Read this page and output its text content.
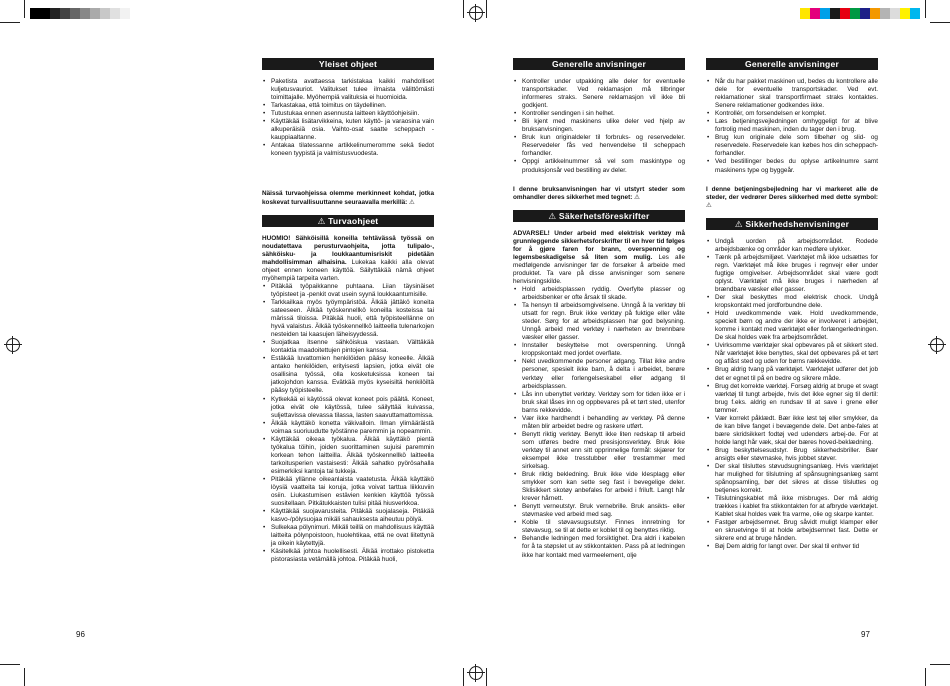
Yleiset ohjeet
• Paketista avattaessa tarkistakaa kaikki mahdolliset kuljetusvauriot. Valitukset tulee ilmaista välittömästi toimittajalle. Myöhempiä valituksia ei huomioida.
• Tarkastakaa, että toimitus on täydellinen.
• Tutustukaa ennen asennusta laitteen käyttöohjeisiin.
• Käyttäkää lisätarvikkeina, kuten käyttö- ja varaosina vain alkuperäisiä osia. Vaihto-osat saatte scheppach -kauppiaaltanne.
• Antakaa tilatessanne artikkelinumeromme sekä tiedot koneen tyypistä ja valmistusvuodesta.
Näissä turvaohjeissa olemme merkinneet kohdat, jotka koskevat turvallisuuttanne seuraavalla merkillä: ⚠
⚠ Turvaohjeet

HUOMIO! Sähköisillä koneilla tehtävässä työssä on noudatettava perusturvaohjeita, jotta tulipalo-, sähköisku- ja loukkaantumisriskit pidetään mahdollisimman alhaisina. Lukekaa kaikki alla olevat ohjeet ennen koneen käyttöä. Säilyttäkää nämä ohjeet myöhempiä tarpeita varten.

• Pitäkää työpaikkanne puhtaana. Liian täysinäiset työpisteet ja -penkit ovat usein syynä loukkaantumisille.
• Tarkkailkaa myös työympäristöä. Älkää jättäkö koneita sateeseen. Älkää työskennellkö koneilla kosteissa tai märissä tiloissa. Pitäkää huoli, että työpisteellänne on hyvä valaistus. Älkää työskennellkö laitteella tulenarkojen nesteiden tai kaasujen läheisyydessä.
• Suojatkaa itsenne sähköiskua vastaan. Välttäkää kontaktia maadoitettujen pintojen kanssa.
• Estäkää luvattomien henkilöiden pääsy koneelle. Älkää antako henkilöiden, erityisesti lapsien, jotka eivät ole osallisina työssä, olla kosketuksissa koneen tai jatkojohdon kanssa. Evätkää myös kyseisiltä henkilöiltä pääsy työpisteelle.
• Kytkekää ei käytössä olevat koneet pois päältä. Koneet, jotka eivät ole käytössä, tulee säilyttää kuivassa, suljettavissa olevassa tilassa, lasten saavuttamattomissa.
• Älkää käyttäkö konetta väkivalloin. Ilman ylimääräistä voimaa suoriuudutte työstänne paremmin ja nopeammin.
• Käyttäkää oikeaa työkalua. Älkää käyttäkö pientä työkalua töihin, joiden suorittaminen sujuisi paremmin korkean tehon laitteilla. Älkää työskennellkö laitteella tarkoitusperien vastaisesti: Älkää sahatko pyörösahalla esimerkiksi kantoja tai tukkeja.
• Pitäkää yllänne oikeanlaista vaatetusta. Älkää käyttäkö löysiä vaatteita tai koruja, jotka voivat tarttua liikkuviin osiin. Liukastumisen estävien kenkien käyttöä työssä suositellaan. Pitkätukkaisten tulisi pitää hiusverkkoa.
• Käyttäkää suojavarusteita. Pitäkää suojalaseja. Pitäkää kasvo-/pölysuojaa mikäli sahauksesta aiheutuu pölyä.
• Sulkekaa pölynimuri. Mikäli teillä on mahdollisuus käyttää laitteita pölynpoistoon, huolehtikaa, että ne ovat liitettynä ja oikein käytettyjä.
• Käsitelkää johtoa huolellisesti. Älkää irrottako pistoketta pistorasiasta vetämällä johtoa. Pitäkää huoli,
Generelle anvisninger
• Kontroller under utpakking alle deler for eventuelle transportskader. Ved reklamasjon må tilbringer informeres straks. Senere reklamasjon vil ikke bli godkjent.
• Kontroller sendingen i sin helhet.
• Bli kjent med maskinens ulike deler ved hjelp av bruksanvisningen.
• Bruk kun originaldeler til forbruks- og reservedeler. Reservedeler fås ved henvendelse til scheppach forhandler.
• Oppgi artikkelnummer så vel som maskintype og produksjonsår ved bestilling av deler.
I denne bruksanvisningen har vi utstyrt steder som omhandler deres sikkerhet med tegnet: ⚠
⚠ Säkerhetsföreskrifter

ADVARSEL! Under arbeid med elektrisk verktøy må grunnleggende sikkerhetsforskrifter til en hver tid følges for å gjøre faren for brann, overspenning og legemsbeskadigelse så liten som mulig. Les alle medfølgende anvisninger før de forsøker å arbeide med produktet. Ta vare på disse anvisninger som senere henvisningskilde.

• Hold arbeidsplassen ryddig. Overfylte plasser og arbeidsbenker er ofte årsak til skade.
• Ta hensyn til arbeidsomgivelsene. Unngå å la verktøy bli utsatt for regn. Bruk ikke verktøy på fuktige eller våte steder. Sørg for at arbeidsplassen har god belysning. Unngå arbeid med verktøy i nærheten av brennbare væsker eller gasser.
• Innstaller beskyttelse mot overspenning. Unngå kroppskontakt med jordet overflate.
• Nekt uvedkommende personer adgang. Tillat ikke andre personer, spesielt ikke barn, å delta i arbeidet, berøre verktøy eller forlengelseskabel eller adgang til arbeidsplassen.
• Lås inn ubenyttet verktøy. Verktøy som for tiden ikke er i bruk skal låses inn og oppbevares på et tørt sted, utenfor barns rekkevidde.
• Vær ikke hardhendt i behandling av verktøy. På denne måten blir arbeidet bedre og raskere utført.
• Benytt riktig verktøy. Benytt ikke liten redskap til arbeid som utføres bedre med presisjonsverktøy. Bruk ikke verktøy til annet enn sitt opprinnelige formål: skjærer for eksempel ikke tresstubber eller trestammer med sirkelsag.
• Bruk riktig bekledning. Bruk ikke vide klesplagg eller smykker som kan sette seg fast i bevegelige deler. Sklisikkert skotøy anbefales for arbeid i friluft. Langt hår krever hårnett.
• Benytt vernеutstyr. Bruk vernebrille. Bruk ansikts- eller støvmaske ved arbeid med sag.
• Koble til støvavsugsutstyr. Finnes innretning for støvavsug, se til at dette er koblet til og benyttes riktig.
• Behandle ledningen med forsiktighet. Dra aldri i kabelen for å ta støpslet ut av stikkontakten. Pass på at ledningen ikke har kontakt med varmeelement, olje
Generelle anvisninger
• Når du har pakket maskinen ud, bedes du kontrollere alle dele for eventuelle transportskader. Ved evt. reklamationer skal transportfirmaet straks kontaktes. Senere reklamationer godkendes ikke.
• Kontrollér, om forsendelsen er komplet.
• Læs betjeningsvejledningen omhyggeligt for at blive fortrolig med maskinen, inden du tager den i brug.
• Brug kun originale dele som tilbehør og slid- og reservedele. Reservedele kan købes hos din scheppach-forhandler.
• Ved bestillinger bedes du oplyse artikelnumre samt maskinens type og byggeår.
I denne betjeningsbejledning har vi markeret alle de steder, der vedrører Deres sikkerhed med dette symbol: ⚠
⚠ Sikkerhedshenvisninger
• Undgå uorden på arbejdsområdet. Rodede arbejdsbænke og områder kan medføre ulykker.
• Tænk på arbejdsmiljøet. Værktøjet må ikke udsættes for regn. Værktøjet må ikke bruges i regnvejr eller under fugtige omgivelser. Arbejdsområdet skal være godt oplyst. Værktøjet må ikke bruges i nærheden af brændbare væsker eller gasser.
• Der skal beskyttes mod elektrisk chock. Undgå kropskontakt med jordforbundne dele.
• Hold uvedkommende væk. Hold uvedkommende, specielt børn og andre der ikke er involveret i arbejdet, komme i kontakt med værktøjet eller forlængerledningen. De skal holdes væk fra arbejdsområdet.
• Uvirksomme værktøjer skal opbevares på et sikkert sted. Når værktøjet ikke benyttes, skal det opbevares på et tørt og aflåst sted og uden for børns rækkevidde.
• Brug aldrig tvang på værktøjet. Værktøjet udfører det job det er egnet til på en bedre og sikrere måde.
• Brug det korrekte værktøj. Forsøg aldrig at bruge et svagt værktøj til tungt arbejde, hvis det ikke egner sig til dertil: brug f.eks. aldrig en rundsav til at save i grene eller tømmer.
• Vær korrekt påklædt. Bær ikke løst tøj eller smykker, da de kan blive fanget i bevægende dele. Det anbe-fales at bære skridsikkert fodtøj ved udendørs arbej-de. For at holde langt hår væk, skal der bæres hoved-beklædning.
• Brug beskyttelsesudstyr. Brug sikkerhedsbriller. Bær ansigts eller støvmaske, hvis jobbet støver.
• Der skal tilsluttes støvudsugningsanlæg. Hvis værktøjet har mulighed for tilslutning af spånsugningsanlæg samt spånopsamling, bør det sikres at disse tilsluttes og betjenes korrekt.
• Tilslutningskablet må ikke misbruges. Der må aldrig trækkes i kablet fra stikkontakten for at afbryde værktøjet. Kablet skal holdes væk fra varme, olie og skarpe kanter.
• Fastgør arbejdsemnet. Brug såvidt muligt klamper eller en skruetvinge til at holde arbejdsemnet fast. Dette er sikrere end at bruge hånden.
• Bøj Dem aldrig for langt over. Der skal til enhver tid
96	97
